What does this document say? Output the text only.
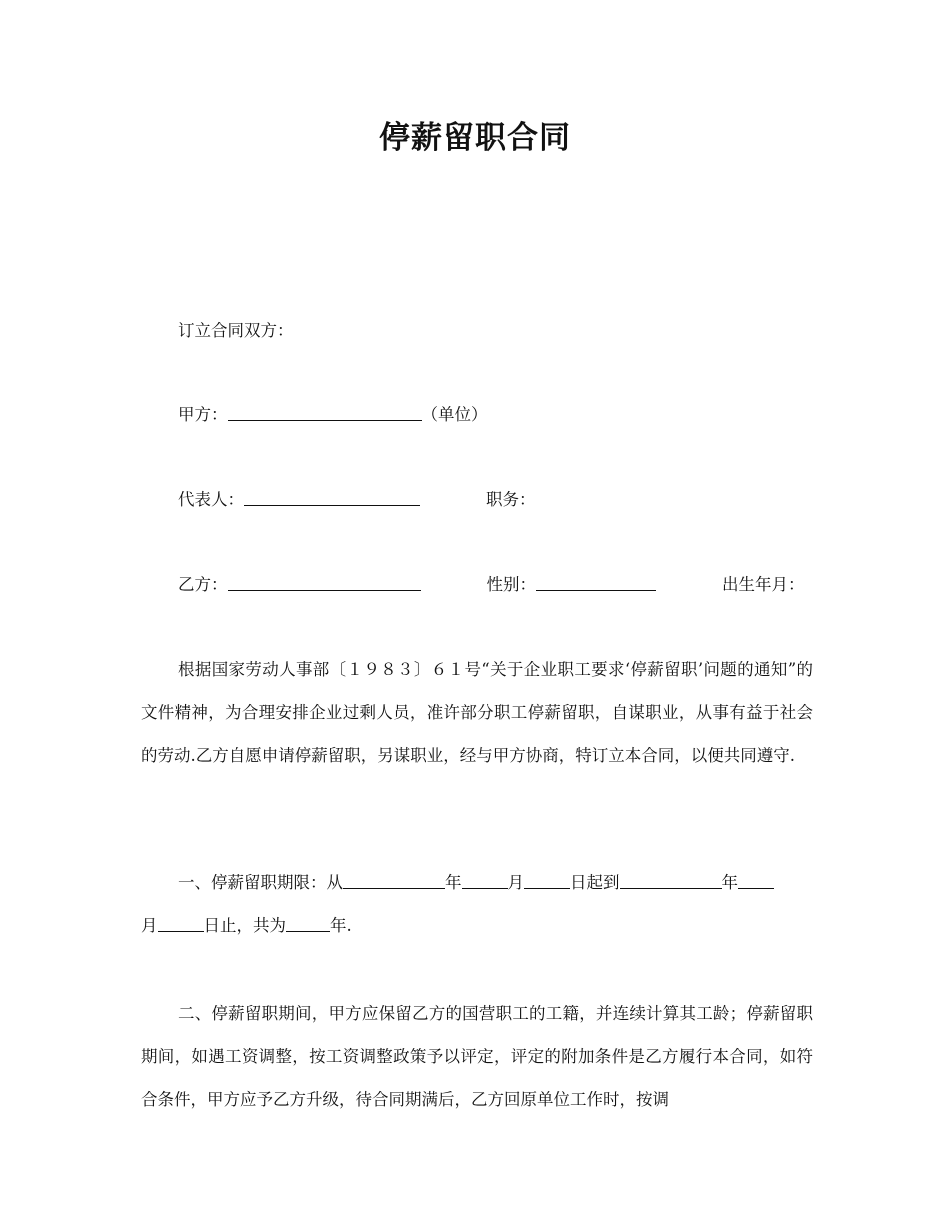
停薪留职合同
订立合同双方：
甲方：	（单位）
代表人：	职务：
乙方：	性别：	出生年月：
根据国家劳动人事部〔１９８３〕６１号“关于企业职工要求‘停薪留职’问题的通知”的文件精神，为合理安排企业过剩人员，准许部分职工停薪留职，自谋职业，从事有益于社会的劳动.乙方自愿申请停薪留职，另谋职业，经与甲方协商，特订立本合同，以便共同遵守.
一、停薪留职期限：从	年	月	日起到	年
月	日止，共为	年.
二、停薪留职期间，甲方应保留乙方的国营职工的工籍，并连续计算其工龄；停薪留职期间，如遇工资调整，按工资调整政策予以评定，评定的附加条件是乙方履行本合同，如符合条件，甲方应予乙方升级，待合同期满后，乙方回原单位工作时，按调
